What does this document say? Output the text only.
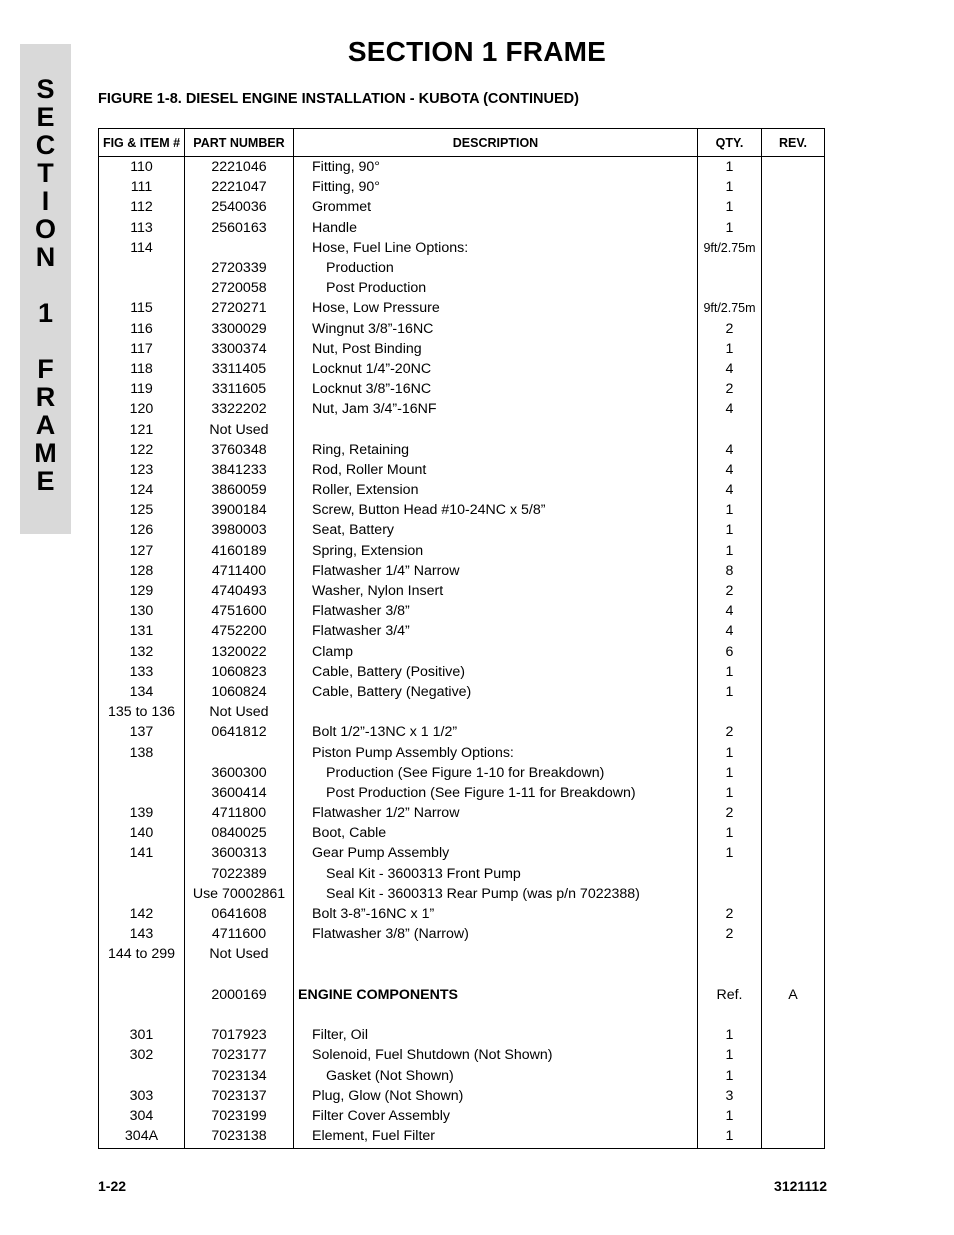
S
E
C
T
I
O
N
1
F
R
A
M
E
SECTION 1 FRAME
FIGURE 1-8. DIESEL ENGINE INSTALLATION - KUBOTA (CONTINUED)
FIG & ITEM #	PART NUMBER	DESCRIPTION	QTY.	REV.
110	2221046	Fitting, 90°	1	
111	2221047	Fitting, 90°	1	
112	2540036	Grommet	1	
113	2560163	Handle	1	
114		Hose, Fuel Line Options:	9ft/2.75m	
	2720339	Production		
	2720058	Post Production		
115	2720271	Hose, Low Pressure	9ft/2.75m	
116	3300029	Wingnut 3/8”-16NC	2	
117	3300374	Nut, Post Binding	1	
118	3311405	Locknut 1/4”-20NC	4	
119	3311605	Locknut 3/8”-16NC	2	
120	3322202	Nut, Jam 3/4”-16NF	4	
121	Not Used			
122	3760348	Ring, Retaining	4	
123	3841233	Rod, Roller Mount	4	
124	3860059	Roller, Extension	4	
125	3900184	Screw, Button Head #10-24NC x 5/8”	1	
126	3980003	Seat, Battery	1	
127	4160189	Spring, Extension	1	
128	4711400	Flatwasher 1/4” Narrow	8	
129	4740493	Washer, Nylon Insert	2	
130	4751600	Flatwasher 3/8”	4	
131	4752200	Flatwasher 3/4”	4	
132	1320022	Clamp	6	
133	1060823	Cable, Battery (Positive)	1	
134	1060824	Cable, Battery (Negative)	1	
135 to 136	Not Used			
137	0641812	Bolt 1/2”-13NC x 1 1/2”	2	
138		Piston Pump Assembly Options:	1	
	3600300	Production (See Figure 1-10 for Breakdown)	1	
	3600414	Post Production (See Figure 1-11 for Breakdown)	1	
139	4711800	Flatwasher 1/2” Narrow	2	
140	0840025	Boot, Cable	1	
141	3600313	Gear Pump Assembly	1	
	7022389	Seal Kit - 3600313 Front Pump		
	Use 70002861	Seal Kit - 3600313 Rear Pump (was p/n 7022388)		
142	0641608	Bolt 3-8”-16NC x 1”	2	
143	4711600	Flatwasher 3/8” (Narrow)	2	
144 to 299	Not Used			

	2000169	ENGINE COMPONENTS	Ref.	A

301	7017923	Filter, Oil	1	
302	7023177	Solenoid, Fuel Shutdown (Not Shown)	1	
	7023134	Gasket (Not Shown)	1	
303	7023137	Plug, Glow (Not Shown)	3	
304	7023199	Filter Cover Assembly	1	
304A	7023138	Element, Fuel Filter	1	
1-22	3121112
